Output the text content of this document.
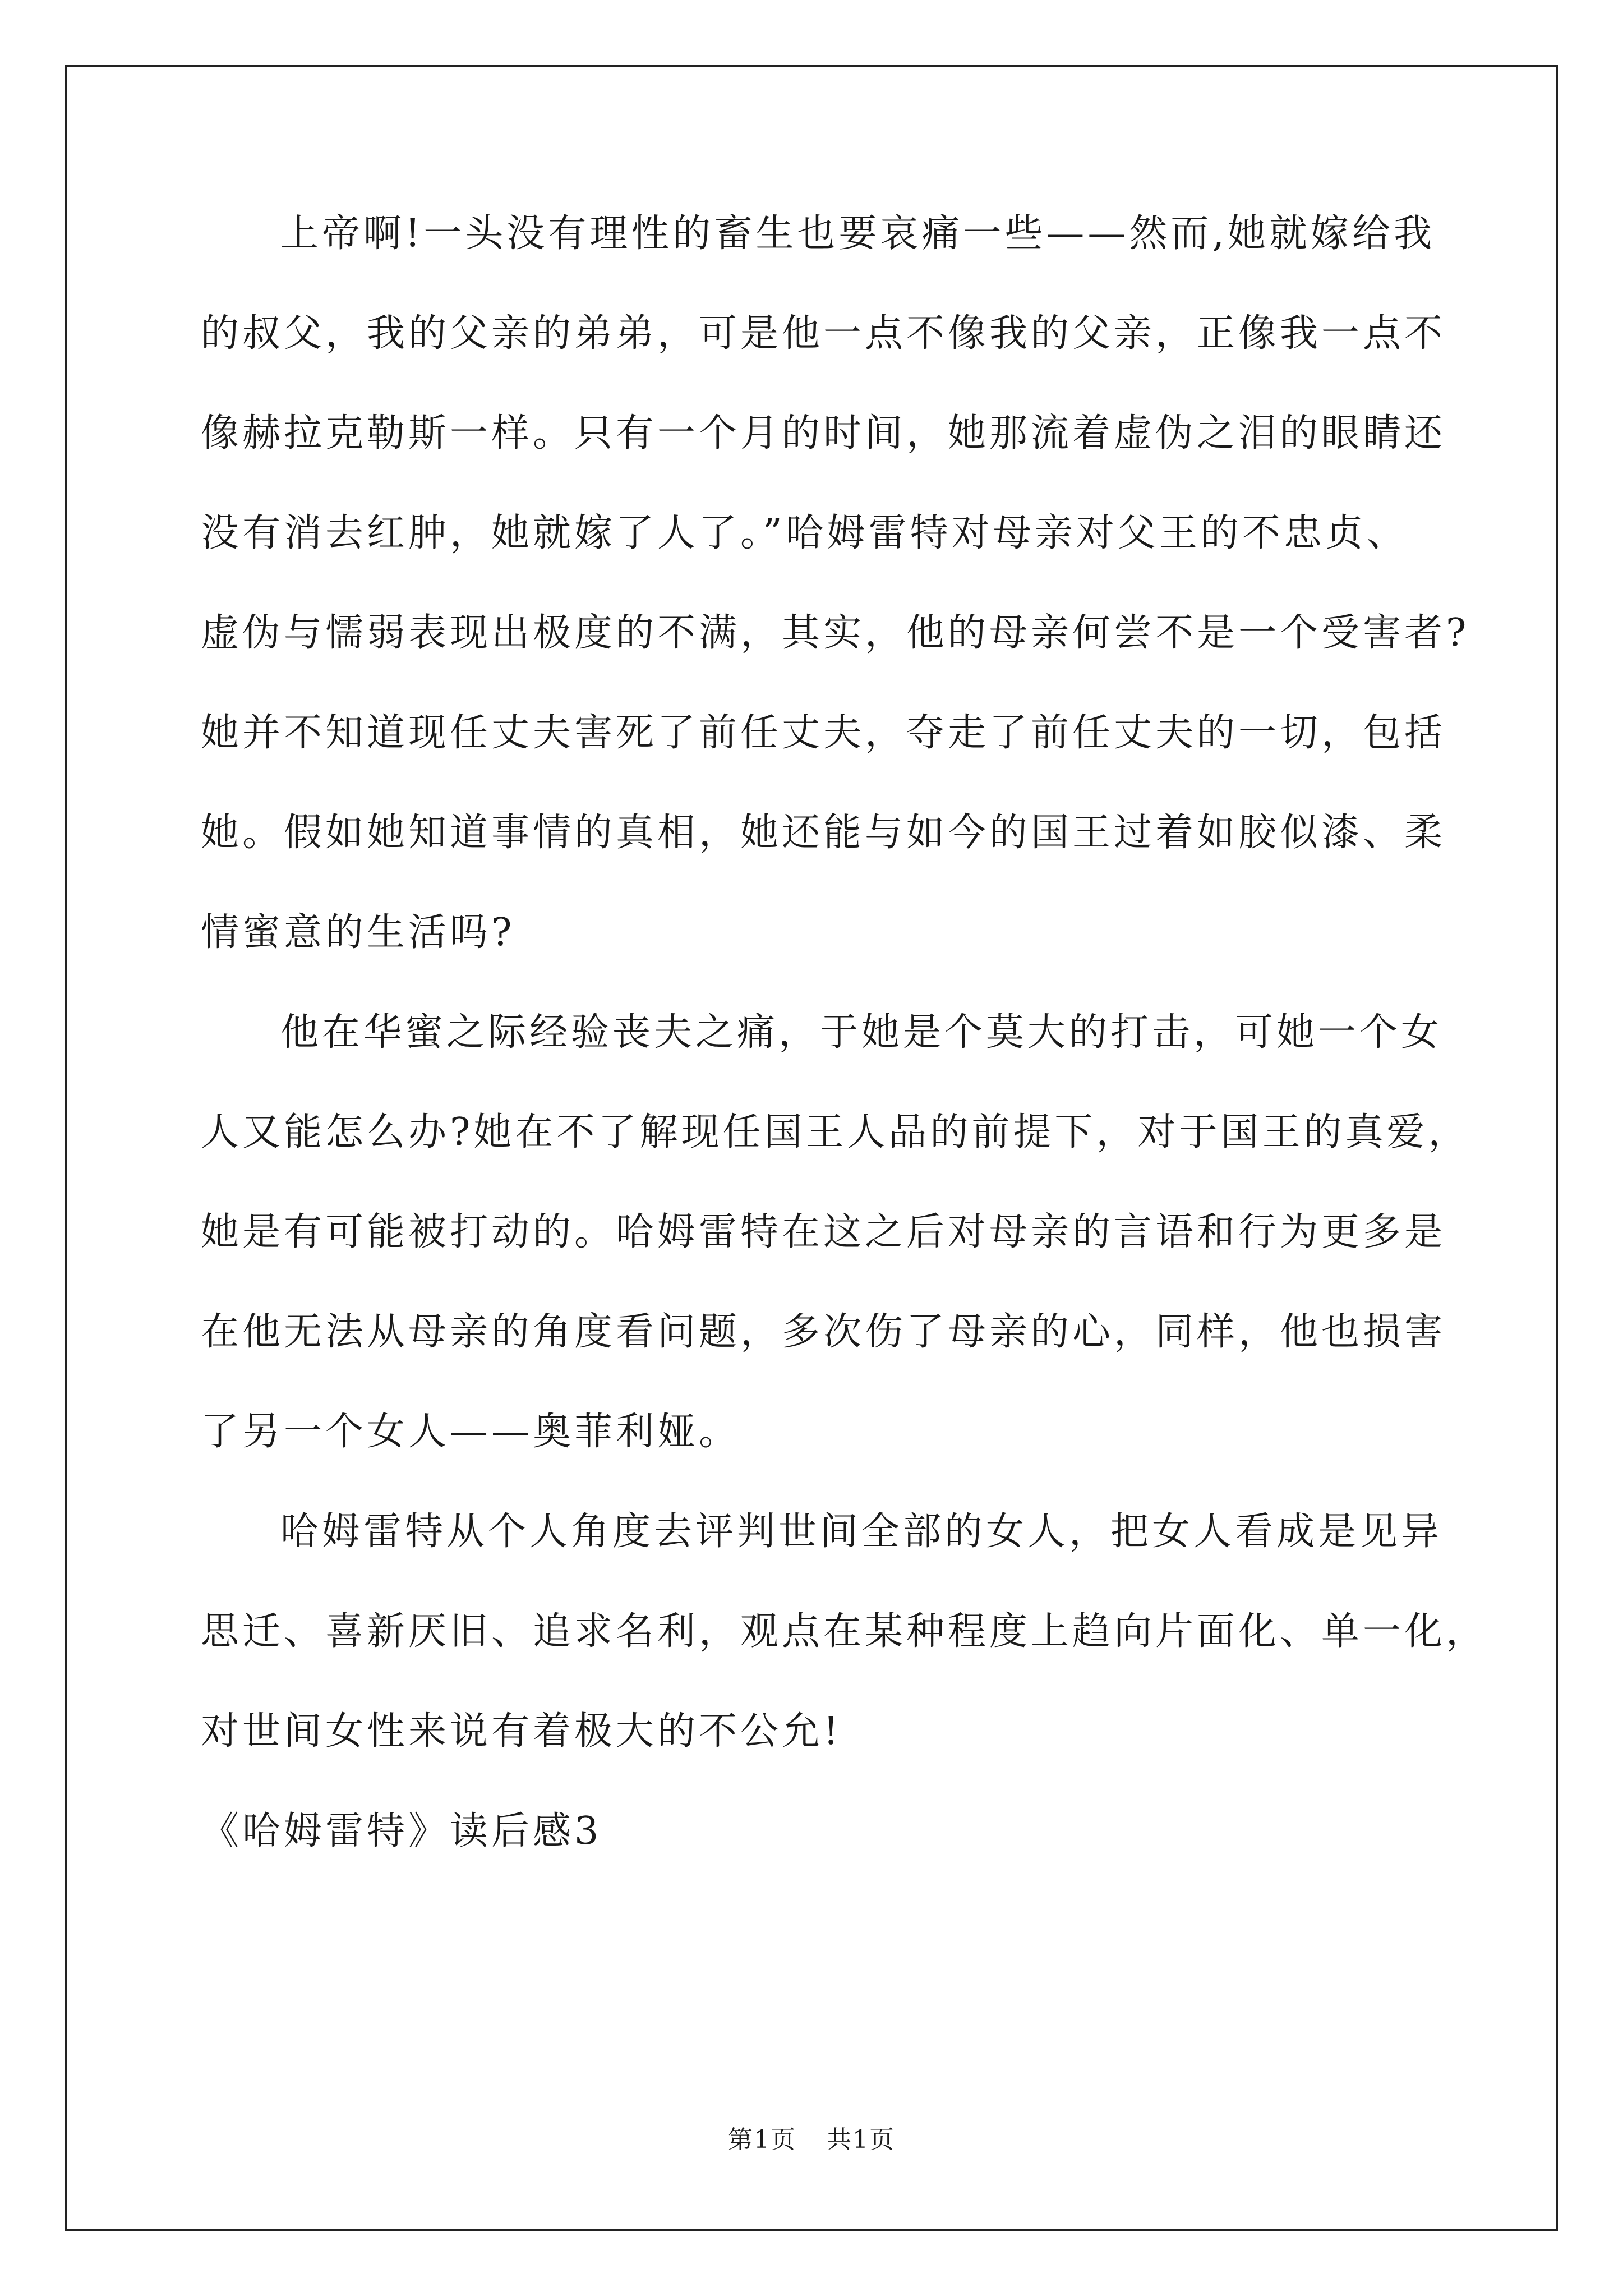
上帝啊!一头没有理性的畜生也要哀痛一些——然而,她就嫁给我
的叔父，我的父亲的弟弟，可是他一点不像我的父亲，正像我一点不
像赫拉克勒斯一样。只有一个月的时间，她那流着虚伪之泪的眼睛还
没有消去红肿，她就嫁了人了。”哈姆雷特对母亲对父王的不忠贞、
虚伪与懦弱表现出极度的不满，其实，他的母亲何尝不是一个受害者?
她并不知道现任丈夫害死了前任丈夫，夺走了前任丈夫的一切，包括
她。假如她知道事情的真相，她还能与如今的国王过着如胶似漆、柔
情蜜意的生活吗?
他在华蜜之际经验丧夫之痛，于她是个莫大的打击，可她一个女
人又能怎么办?她在不了解现任国王人品的前提下，对于国王的真爱，
她是有可能被打动的。哈姆雷特在这之后对母亲的言语和行为更多是
在他无法从母亲的角度看问题，多次伤了母亲的心，同样，他也损害
了另一个女人——奥菲利娅。
哈姆雷特从个人角度去评判世间全部的女人，把女人看成是见异
思迁、喜新厌旧、追求名利，观点在某种程度上趋向片面化、单一化，
对世间女性来说有着极大的不公允!
《哈姆雷特》读后感3
第1页 共1页
